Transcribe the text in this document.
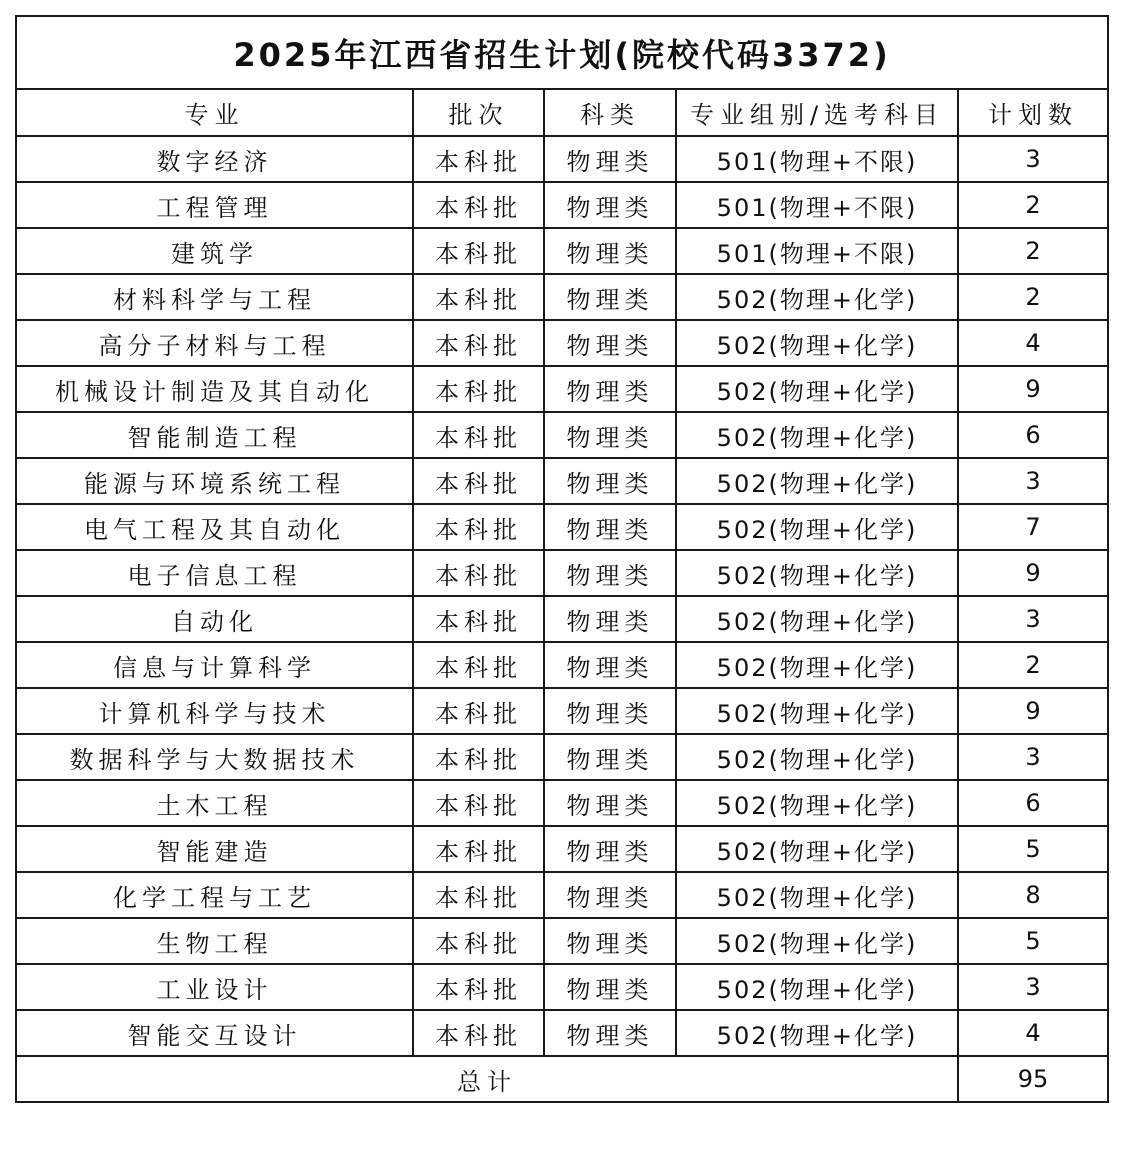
2025年江西省招生计划(院校代码3372)				
专业	批次	科类	专业组别/选考科目	计划数
数字经济	本科批	物理类	501(物理+不限)	3
工程管理	本科批	物理类	501(物理+不限)	2
建筑学	本科批	物理类	501(物理+不限)	2
材料科学与工程	本科批	物理类	502(物理+化学)	2
高分子材料与工程	本科批	物理类	502(物理+化学)	4
机械设计制造及其自动化	本科批	物理类	502(物理+化学)	9
智能制造工程	本科批	物理类	502(物理+化学)	6
能源与环境系统工程	本科批	物理类	502(物理+化学)	3
电气工程及其自动化	本科批	物理类	502(物理+化学)	7
电子信息工程	本科批	物理类	502(物理+化学)	9
自动化	本科批	物理类	502(物理+化学)	3
信息与计算科学	本科批	物理类	502(物理+化学)	2
计算机科学与技术	本科批	物理类	502(物理+化学)	9
数据科学与大数据技术	本科批	物理类	502(物理+化学)	3
土木工程	本科批	物理类	502(物理+化学)	6
智能建造	本科批	物理类	502(物理+化学)	5
化学工程与工艺	本科批	物理类	502(物理+化学)	8
生物工程	本科批	物理类	502(物理+化学)	5
工业设计	本科批	物理类	502(物理+化学)	3
智能交互设计	本科批	物理类	502(物理+化学)	4
总计				95
